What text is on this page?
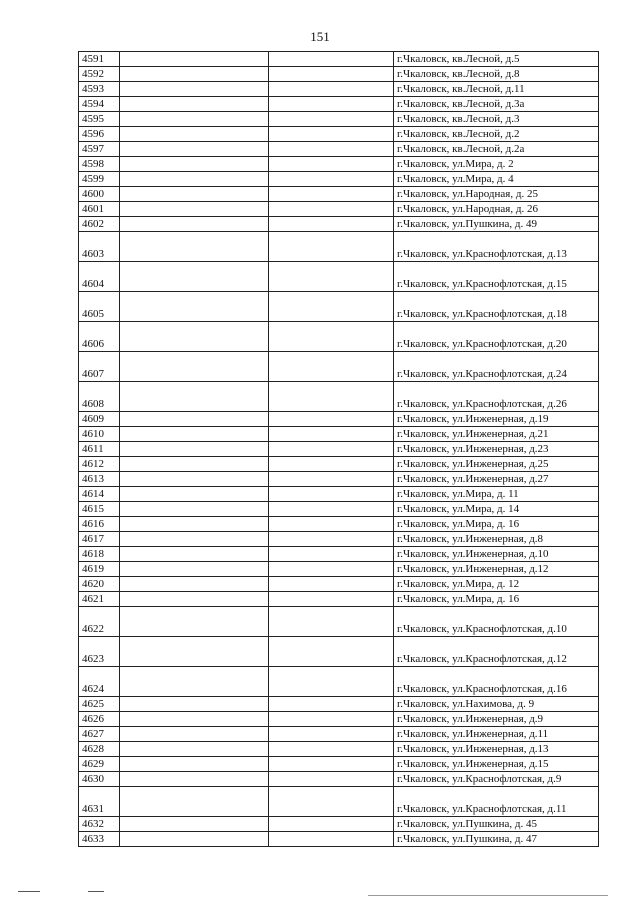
151
4591			г.Чкаловск, кв.Лесной, д.5
4592			г.Чкаловск, кв.Лесной, д.8
4593			г.Чкаловск, кв.Лесной, д.11
4594			г.Чкаловск, кв.Лесной, д.3а
4595			г.Чкаловск, кв.Лесной, д.3
4596			г.Чкаловск, кв.Лесной, д.2
4597			г.Чкаловск, кв.Лесной, д.2а
4598			г.Чкаловск, ул.Мира, д. 2
4599			г.Чкаловск, ул.Мира, д. 4
4600			г.Чкаловск, ул.Народная, д. 25
4601			г.Чкаловск, ул.Народная, д. 26
4602			г.Чкаловск, ул.Пушкина, д. 49
4603			г.Чкаловск, ул.Краснофлотская, д.13
4604			г.Чкаловск, ул.Краснофлотская, д.15
4605			г.Чкаловск, ул.Краснофлотская, д.18
4606			г.Чкаловск, ул.Краснофлотская, д.20
4607			г.Чкаловск, ул.Краснофлотская, д.24
4608			г.Чкаловск, ул.Краснофлотская, д.26
4609			г.Чкаловск, ул.Инженерная, д.19
4610			г.Чкаловск, ул.Инженерная, д.21
4611			г.Чкаловск, ул.Инженерная, д.23
4612			г.Чкаловск, ул.Инженерная, д.25
4613			г.Чкаловск, ул.Инженерная, д.27
4614			г.Чкаловск, ул.Мира, д. 11
4615			г.Чкаловск, ул.Мира, д. 14
4616			г.Чкаловск, ул.Мира, д. 16
4617			г.Чкаловск, ул.Инженерная, д.8
4618			г.Чкаловск, ул.Инженерная, д.10
4619			г.Чкаловск, ул.Инженерная, д.12
4620			г.Чкаловск, ул.Мира, д. 12
4621			г.Чкаловск, ул.Мира, д. 16
4622			г.Чкаловск, ул.Краснофлотская, д.10
4623			г.Чкаловск, ул.Краснофлотская, д.12
4624			г.Чкаловск, ул.Краснофлотская, д.16
4625			г.Чкаловск, ул.Нахимова, д. 9
4626			г.Чкаловск, ул.Инженерная, д.9
4627			г.Чкаловск, ул.Инженерная, д.11
4628			г.Чкаловск, ул.Инженерная, д.13
4629			г.Чкаловск, ул.Инженерная, д.15
4630			г.Чкаловск, ул.Краснофлотская, д.9
4631			г.Чкаловск, ул.Краснофлотская, д.11
4632			г.Чкаловск, ул.Пушкина, д. 45
4633			г.Чкаловск, ул.Пушкина, д. 47
